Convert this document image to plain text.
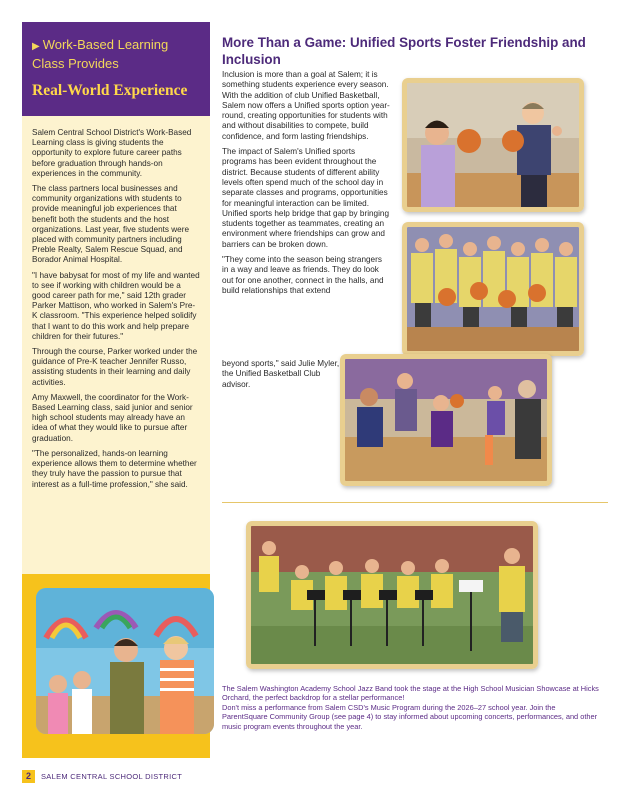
▶ Work-Based Learning Class Provides
Real-World Experience

Salem Central School District's Work-Based Learning class is giving students the opportunity to explore future career paths before graduation through hands-on experiences in the community.

The class partners local businesses and community organizations with students to provide meaningful job experiences that benefit both the students and the host organizations. Last year, five students were placed with community partners including Preble Realty, Salem Rescue Squad, and Borador Animal Hospital.

"I have babysat for most of my life and wanted to see if working with children would be a good career path for me," said 12th grader Parker Mattison, who worked in Salem's Pre-K classroom. "This experience helped solidify that I want to do this work and help prepare children for their futures."

Through the course, Parker worked under the guidance of Pre-K teacher Jennifer Russo, assisting students in their learning and daily activities.

Amy Maxwell, the coordinator for the Work-Based Learning class, said junior and senior high school students may already have an idea of what they would like to pursue after graduation.

"The personalized, hands-on learning experience allows them to determine whether they truly have the passion to pursue that interest as a full-time profession," she said.

More Than a Game: Unified Sports Foster Friendship and Inclusion

Inclusion is more than a goal at Salem; it is something students experience every season. With the addition of club Unified Basketball, Salem now offers a Unified sports option year-round, creating opportunities for students with and without disabilities to compete, build confidence, and form lasting friendships.

The impact of Salem's Unified sports programs has been evident throughout the district. Because students of different ability levels often spend much of the school day in separate classes and programs, opportunities for meaningful interaction can be limited. Unified sports help bridge that gap by bringing students together as teammates, creating an environment where friendships can grow and barriers can be broken down.

"They come into the season being strangers in a way and leave as friends. They do look out for one another, connect in the halls, and build relationships that extend

beyond sports," said Julie Myler, the Unified Basketball Club advisor.
The Salem Washington Academy School Jazz Band took the stage at the High School Musician Showcase at Hicks Orchard, the perfect backdrop for a stellar performance!
Don't miss a performance from Salem CSD's Music Program during the 2026–27 school year. Join the ParentSquare Community Group (see page 4) to stay informed about upcoming concerts, performances, and other music program events throughout the year.
2	SALEM CENTRAL SCHOOL DISTRICT
